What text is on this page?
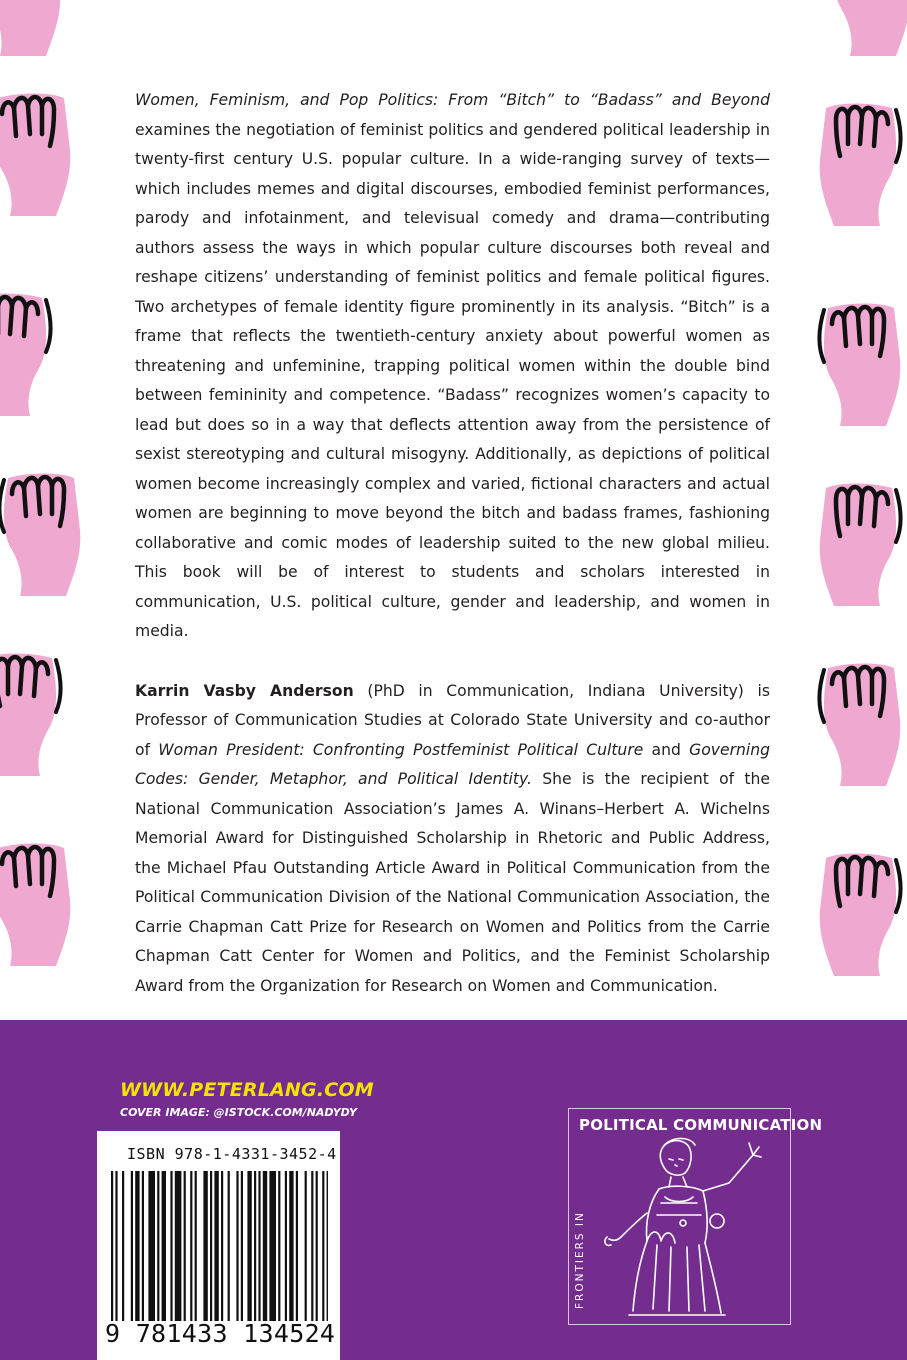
Women, Feminism, and Pop Politics: From “Bitch” to “Badass” and Beyond examines the negotiation of feminist politics and gendered political leadership in twenty-first century U.S. popular culture. In a wide-ranging survey of texts—which includes memes and digital discourses, embodied feminist performances, parody and infotainment, and televisual comedy and drama—contributing authors assess the ways in which popular culture discourses both reveal and reshape citizens’ understanding of feminist politics and female political figures. Two archetypes of female identity figure prominently in its analysis. “Bitch” is a frame that reflects the twentieth-century anxiety about powerful women as threatening and unfeminine, trapping political women within the double bind between femininity and competence. “Badass” recognizes women’s capacity to lead but does so in a way that deflects attention away from the persistence of sexist stereotyping and cultural misogyny. Additionally, as depictions of political women become increasingly complex and varied, fictional characters and actual women are beginning to move beyond the bitch and badass frames, fashioning collaborative and comic modes of leadership suited to the new global milieu. This book will be of interest to students and scholars interested in communication, U.S. political culture, gender and leadership, and women in media.

Karrin Vasby Anderson (PhD in Communication, Indiana University) is Professor of Communication Studies at Colorado State University and co-author of Woman President: Confronting Postfeminist Political Culture and Governing Codes: Gender, Metaphor, and Political Identity. She is the recipient of the National Communication Association’s James A. Winans–Herbert A. Wichelns Memorial Award for Distinguished Scholarship in Rhetoric and Public Address, the Michael Pfau Outstanding Article Award in Political Communication from the Political Communication Division of the National Communication Association, the Carrie Chapman Catt Prize for Research on Women and Politics from the Carrie Chapman Catt Center for Women and Politics, and the Feminist Scholarship Award from the Organization for Research on Women and Communication.

WWW.PETERLANG.COM
COVER IMAGE: @ISTOCK.COM/NADYDY
ISBN 978-1-4331-3452-4
9 781433 134524
POLITICAL COMMUNICATION
FRONTIERS IN
